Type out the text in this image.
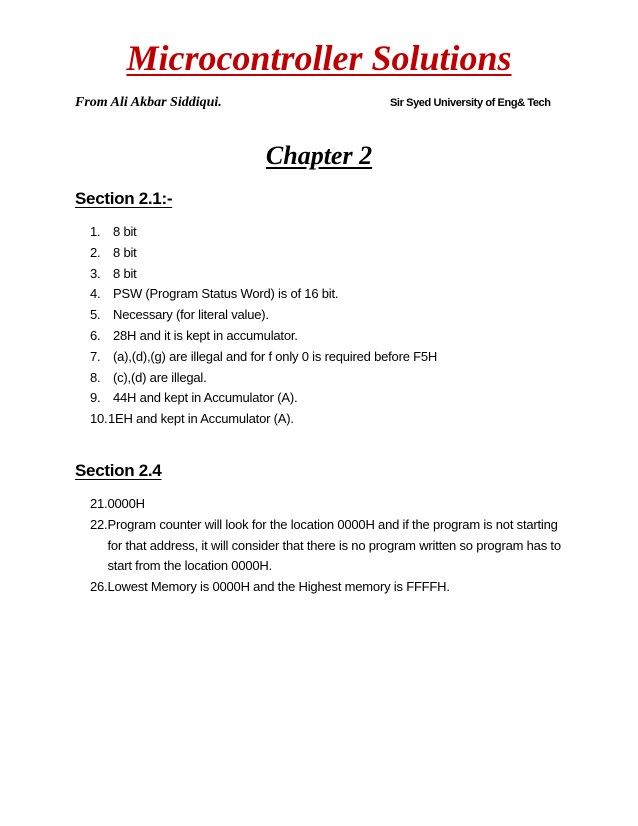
Microcontroller Solutions
From Ali Akbar Siddiqui.	Sir Syed University of Eng& Tech
Chapter 2
Section 2.1:-
1. 8 bit
2. 8 bit
3. 8 bit
4. PSW (Program Status Word) is of 16 bit.
5. Necessary (for literal value).
6. 28H and it is kept in accumulator.
7. (a),(d),(g) are illegal and for f only 0 is required before F5H
8. (c),(d) are illegal.
9. 44H and kept in Accumulator (A).
10. 1EH and kept in Accumulator (A).
Section 2.4
21. 0000H
22. Program counter will look for the location 0000H and if the program is not starting for that address, it will consider that there is no program written so program has to start from the location 0000H.
26. Lowest Memory is 0000H and the Highest memory is FFFFH.
